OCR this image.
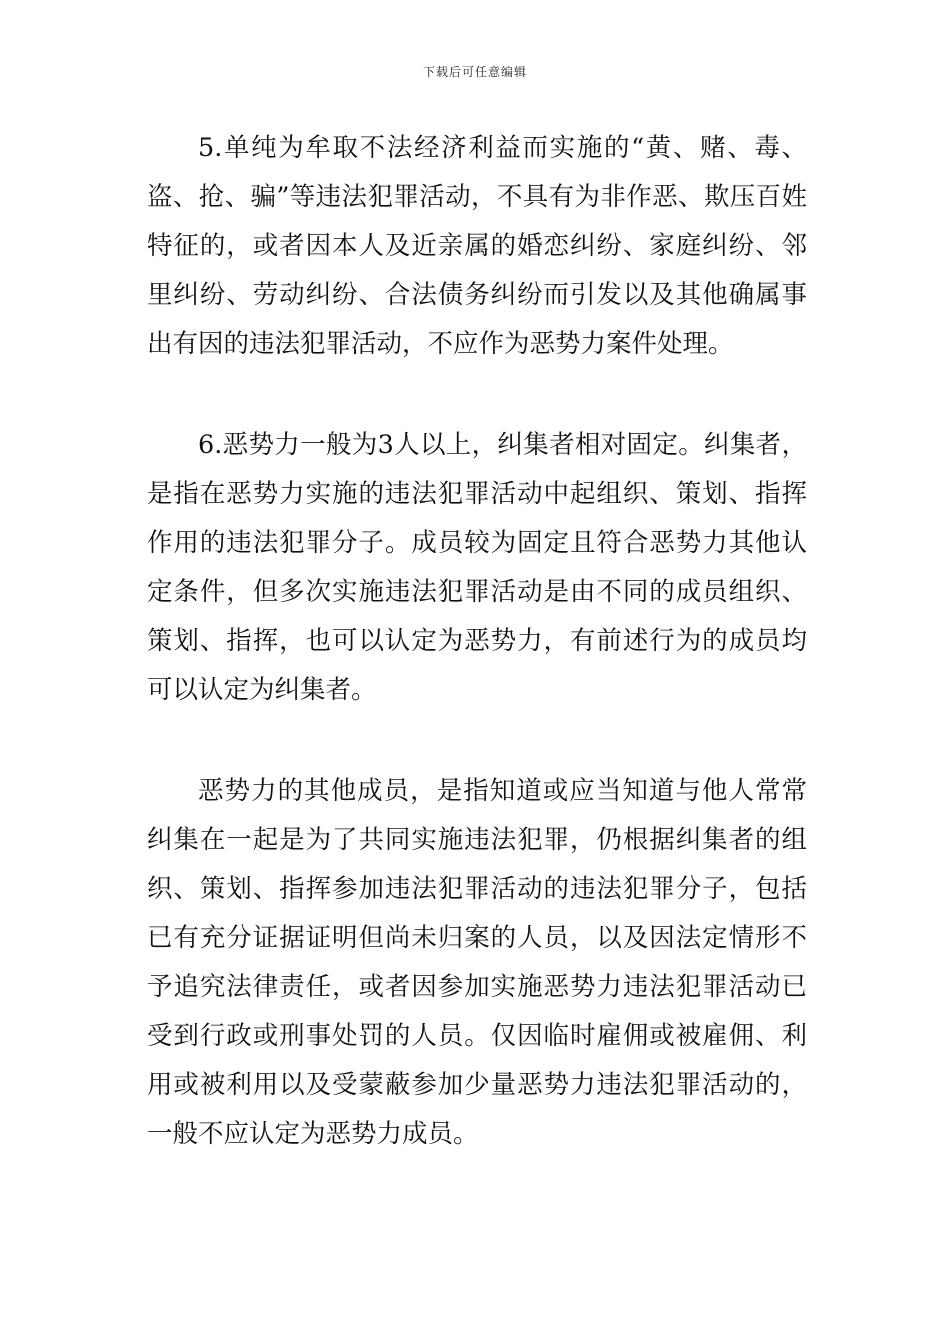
下载后可任意编辑

5.单纯为牟取不法经济利益而实施的“黄、赌、毒、盗、抢、骗”等违法犯罪活动，不具有为非作恶、欺压百姓特征的，或者因本人及近亲属的婚恋纠纷、家庭纠纷、邻里纠纷、劳动纠纷、合法债务纠纷而引发以及其他确属事出有因的违法犯罪活动，不应作为恶势力案件处理。

6.恶势力一般为3人以上，纠集者相对固定。纠集者，是指在恶势力实施的违法犯罪活动中起组织、策划、指挥作用的违法犯罪分子。成员较为固定且符合恶势力其他认定条件，但多次实施违法犯罪活动是由不同的成员组织、策划、指挥，也可以认定为恶势力，有前述行为的成员均可以认定为纠集者。

恶势力的其他成员，是指知道或应当知道与他人常常纠集在一起是为了共同实施违法犯罪，仍根据纠集者的组织、策划、指挥参加违法犯罪活动的违法犯罪分子，包括已有充分证据证明但尚未归案的人员，以及因法定情形不予追究法律责任，或者因参加实施恶势力违法犯罪活动已受到行政或刑事处罚的人员。仅因临时雇佣或被雇佣、利用或被利用以及受蒙蔽参加少量恶势力违法犯罪活动的，一般不应认定为恶势力成员。
